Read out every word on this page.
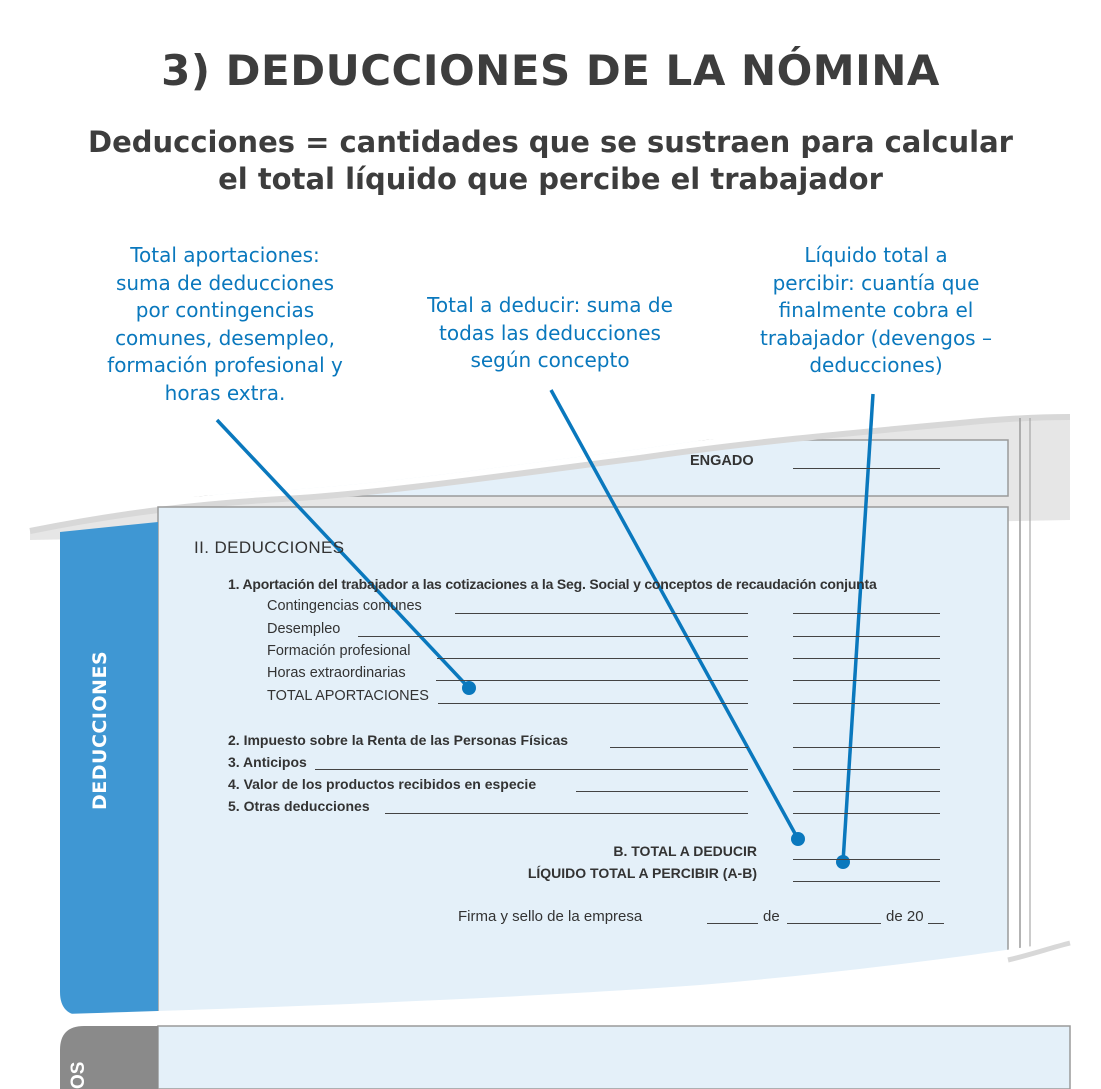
3) DEDUCCIONES DE LA NÓMINA
Deducciones = cantidades que se sustraen para calcular
el total líquido que percibe el trabajador
Total aportaciones:
suma de deducciones
por contingencias
comunes, desempleo,
formación profesional y
horas extra.
Total a deducir: suma de
todas las deducciones
según concepto
Líquido total a
percibir: cuantía que
finalmente cobra el
trabajador (devengos –
deducciones)
ENGADO
DEDUCCIONES
OS
II. DEDUCCIONES
1. Aportación del trabajador a las cotizaciones a la Seg. Social y conceptos de recaudación conjunta
Contingencias comunes
Desempleo
Formación profesional
Horas extraordinarias
TOTAL APORTACIONES
2. Impuesto sobre la Renta de las Personas Físicas
3. Anticipos
4. Valor de los productos recibidos en especie
5. Otras deducciones
B. TOTAL A DEDUCIR
LÍQUIDO TOTAL A PERCIBIR (A-B)
Firma y sello de la empresa	de	de 20
